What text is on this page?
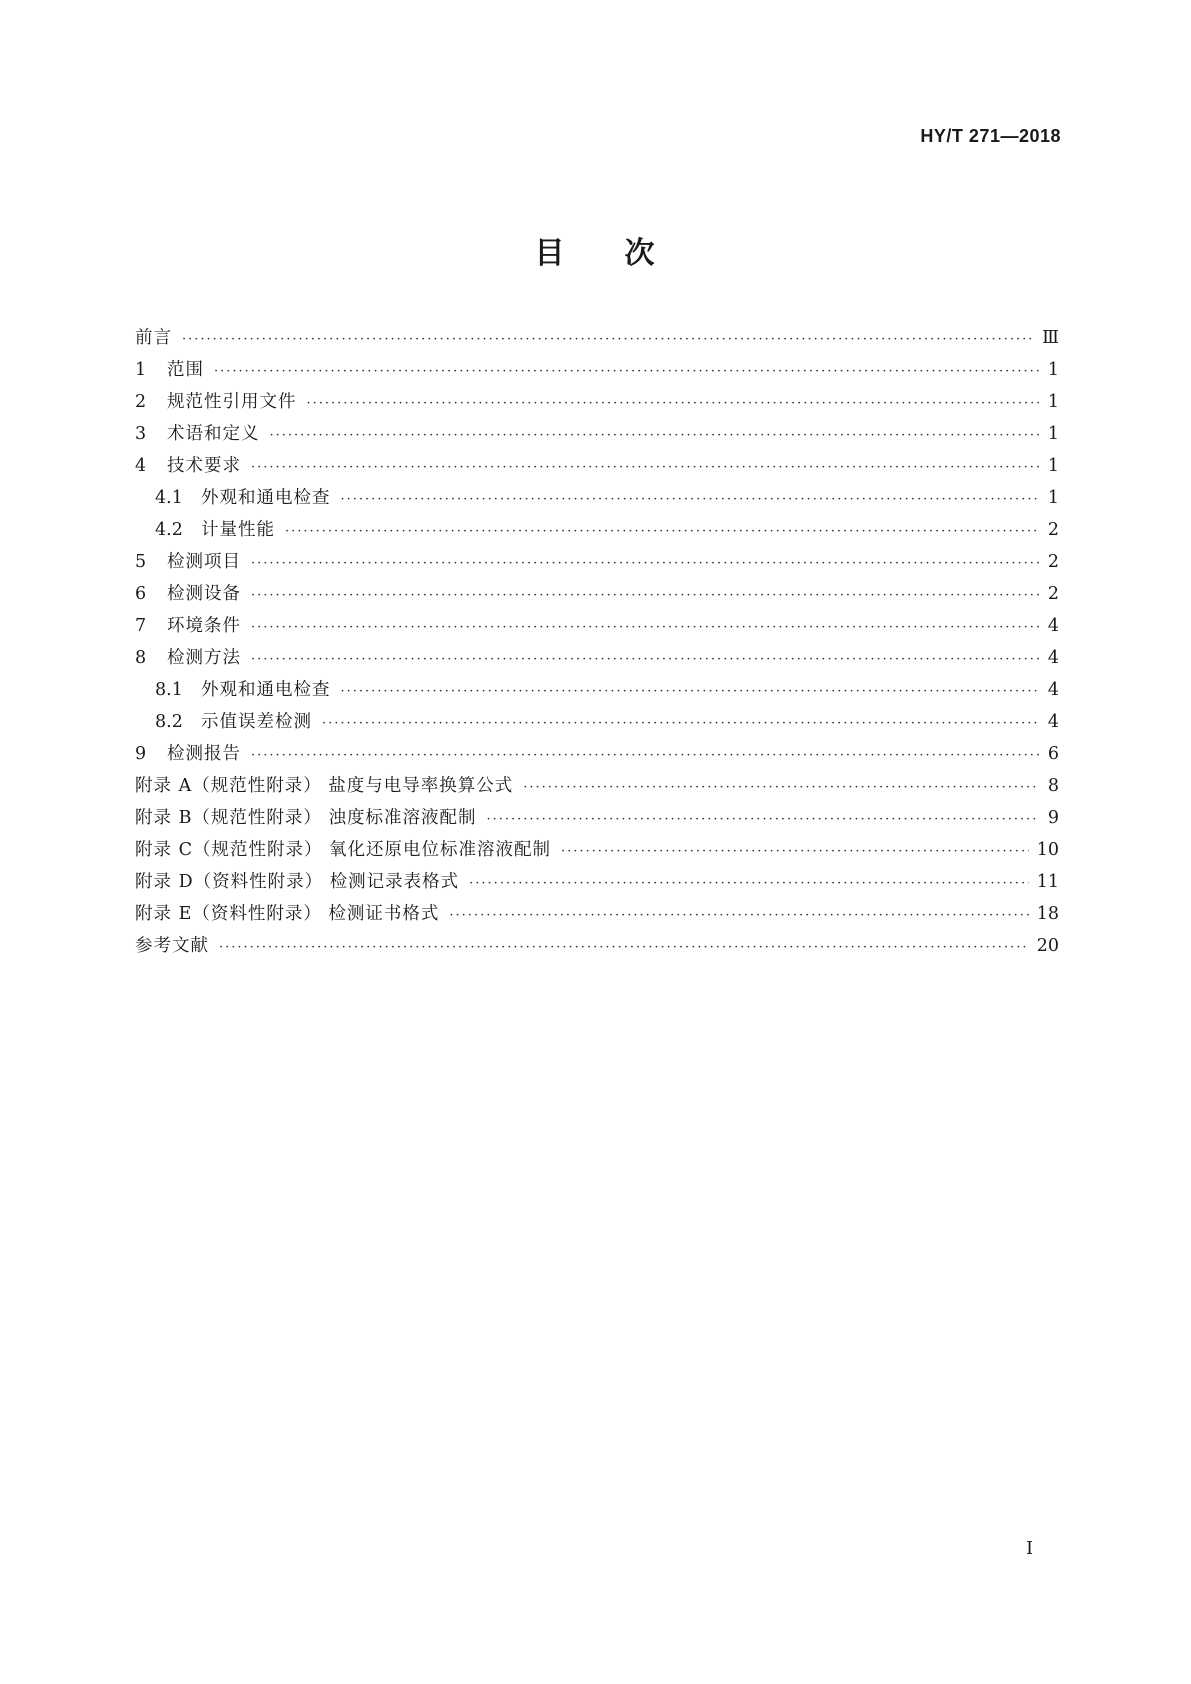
HY/T 271—2018
目 次
前言 ·····	Ⅲ
1	范围 ·····	1
2	规范性引用文件 ·····	1
3	术语和定义 ·····	1
4	技术要求 ·····	1
4.1 外观和通电检查 ·····	1
4.2 计量性能 ·····	2
5	检测项目 ·····	2
6	检测设备 ·····	2
7	环境条件 ·····	4
8	检测方法 ·····	4
8.1 外观和通电检查 ·····	4
8.2 示值误差检测 ·····	4
9	检测报告 ·····	6
附录 A（规范性附录） 盐度与电导率换算公式 ·····	8
附录 B（规范性附录） 浊度标准溶液配制 ·····	9
附录 C（规范性附录） 氧化还原电位标准溶液配制 ·····	10
附录 D（资料性附录） 检测记录表格式 ·····	11
附录 E（资料性附录） 检测证书格式 ·····	18
参考文献 ·····	20
Ⅰ
